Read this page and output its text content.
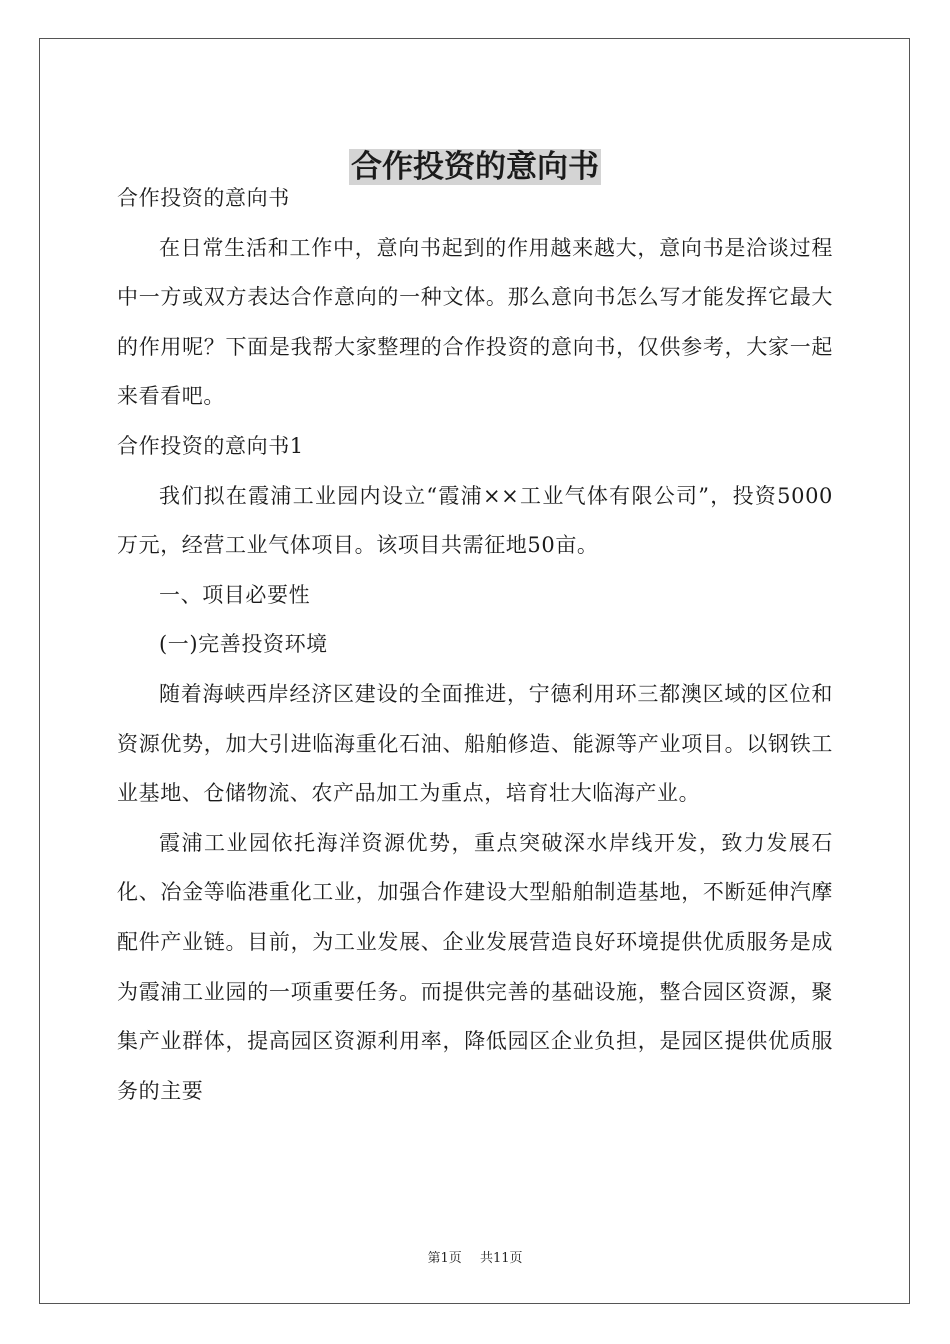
合作投资的意向书

合作投资的意向书

在日常生活和工作中，意向书起到的作用越来越大，意向书是洽谈过程中一方或双方表达合作意向的一种文体。那么意向书怎么写才能发挥它最大的作用呢？下面是我帮大家整理的合作投资的意向书，仅供参考，大家一起来看看吧。

合作投资的意向书1

我们拟在霞浦工业园内设立“霞浦××工业气体有限公司”，投资5000万元，经营工业气体项目。该项目共需征地50亩。

一、项目必要性

(一)完善投资环境

随着海峡西岸经济区建设的全面推进，宁德利用环三都澳区域的区位和资源优势，加大引进临海重化石油、船舶修造、能源等产业项目。以钢铁工业基地、仓储物流、农产品加工为重点，培育壮大临海产业。

霞浦工业园依托海洋资源优势，重点突破深水岸线开发，致力发展石化、冶金等临港重化工业，加强合作建设大型船舶制造基地，不断延伸汽摩配件产业链。目前，为工业发展、企业发展营造良好环境提供优质服务是成为霞浦工业园的一项重要任务。而提供完善的基础设施，整合园区资源，聚集产业群体，提高园区资源利用率，降低园区企业负担，是园区提供优质服务的主要

第1页 共11页
